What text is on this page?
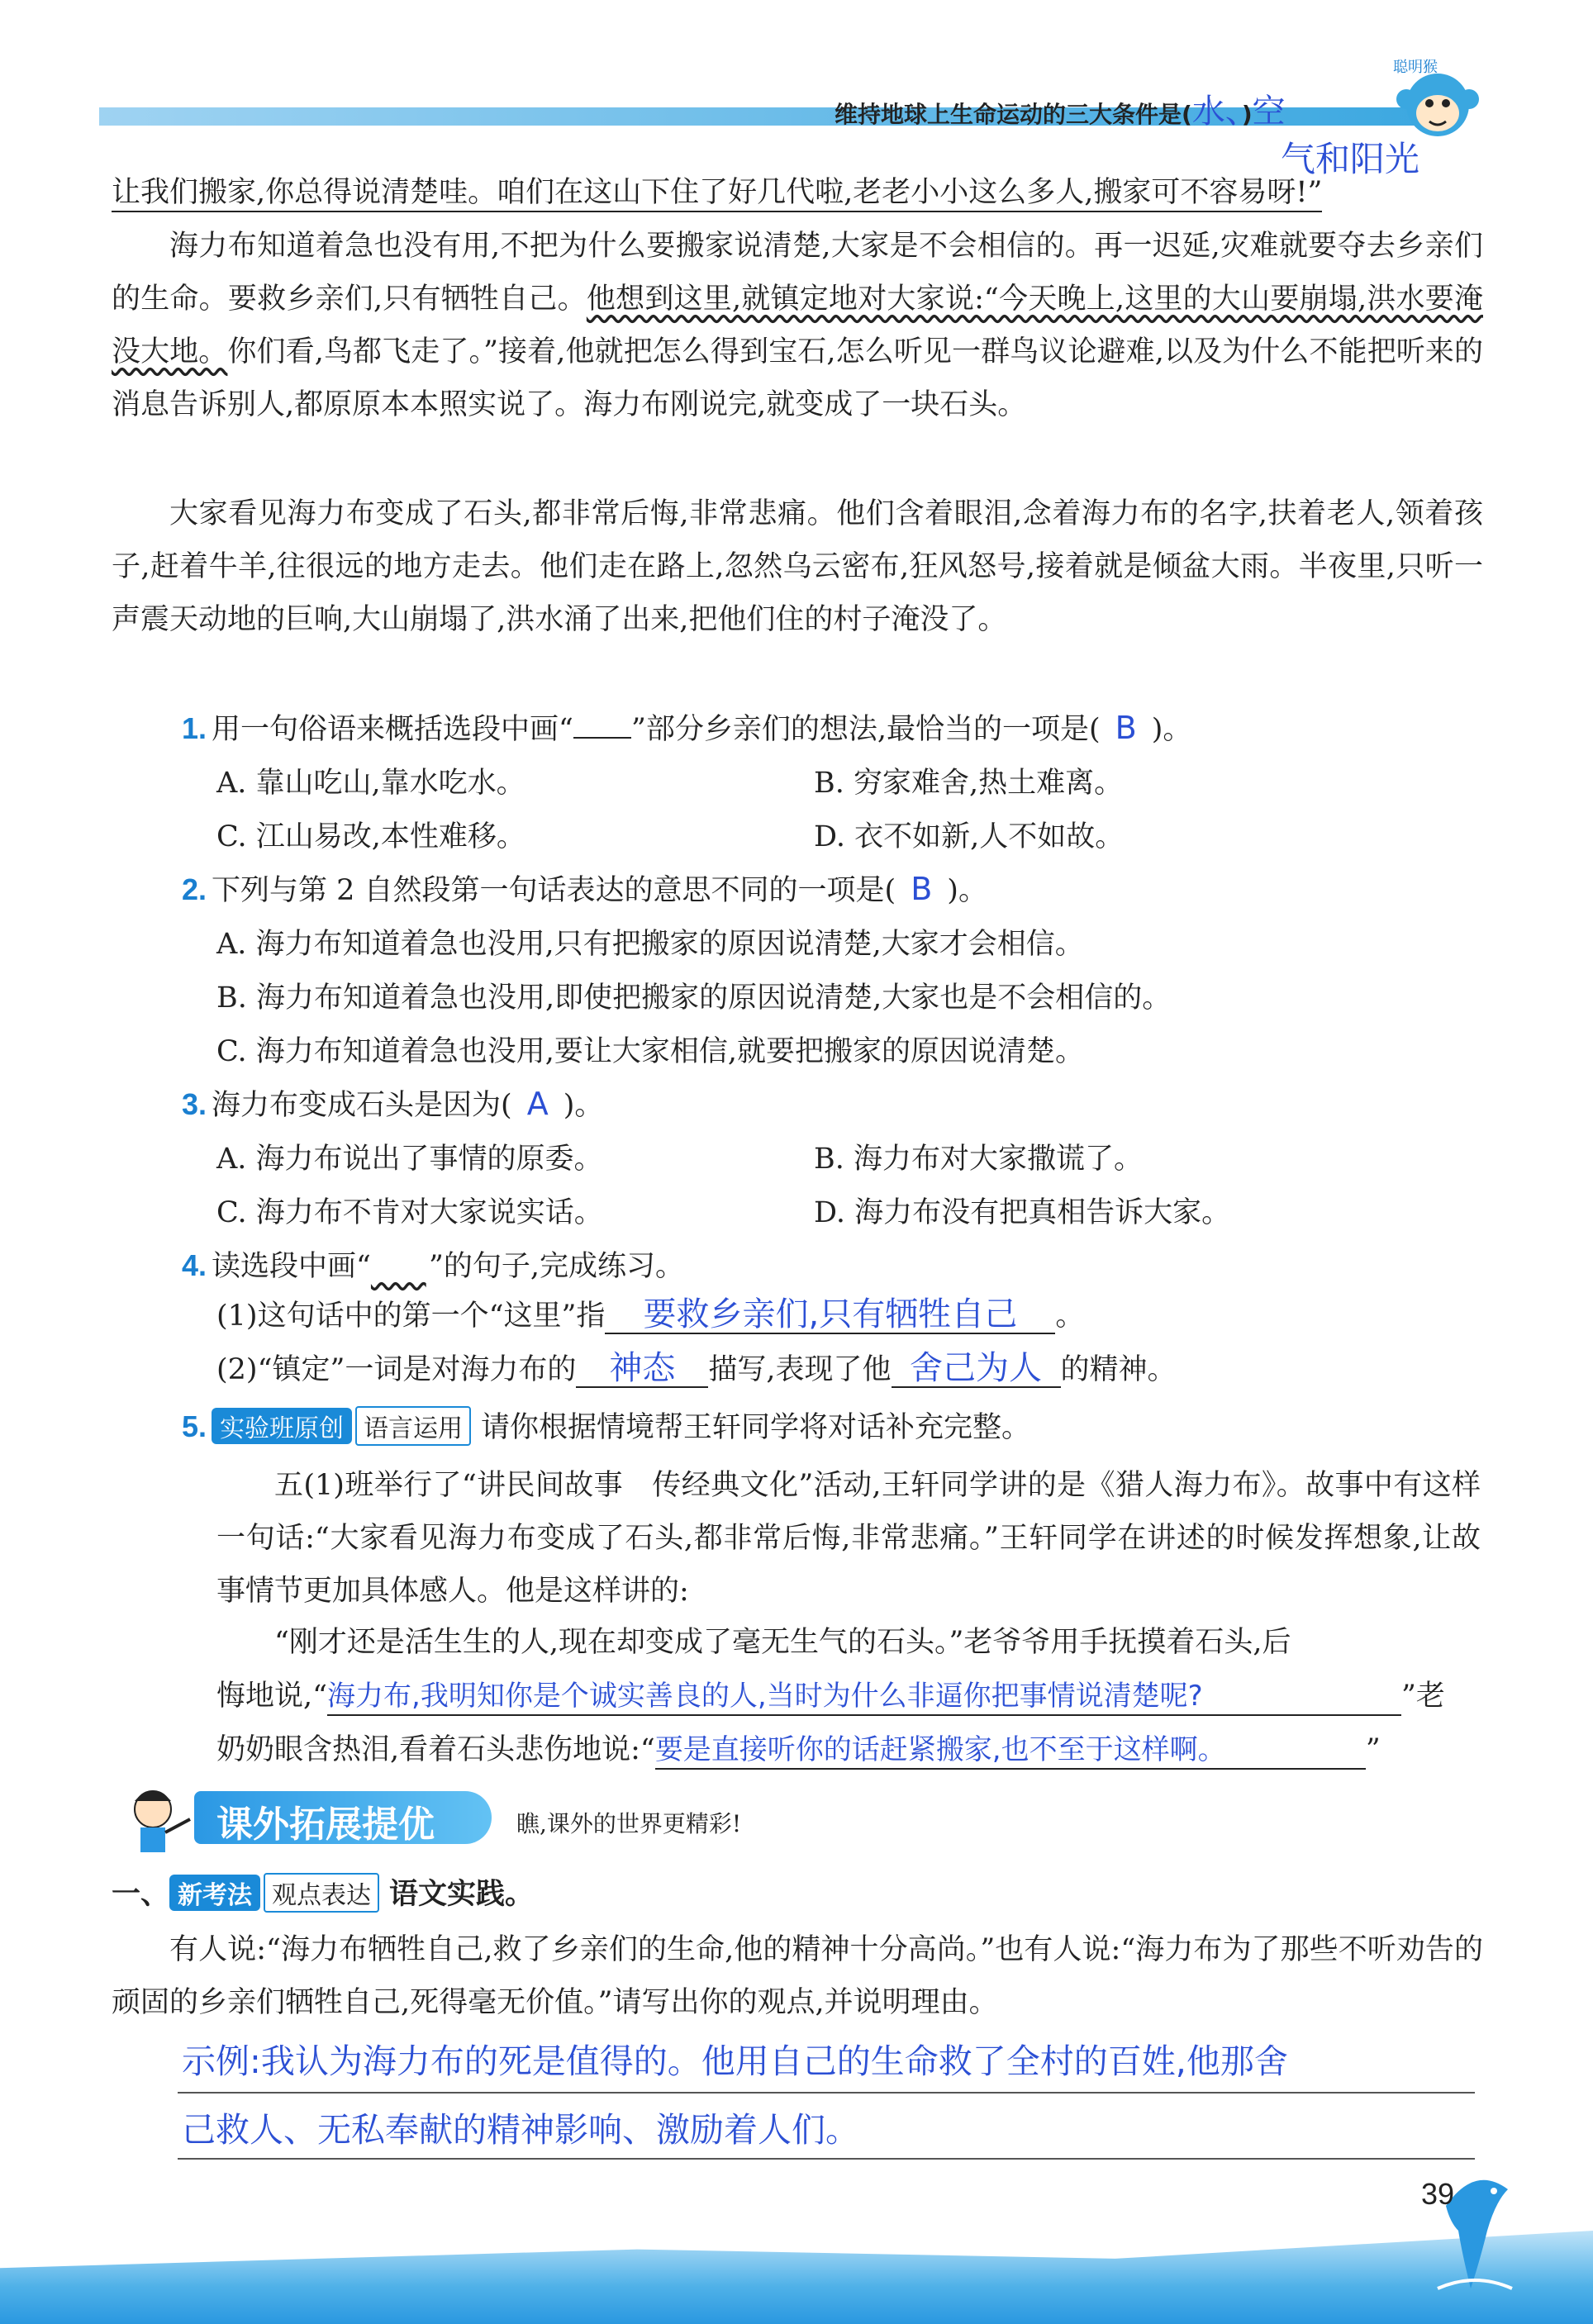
维持地球上生命运动的三大条件是(水、)空
气和阳光
聪明猴
让我们搬家,你总得说清楚哇。咱们在这山下住了好几代啦,老老小小这么多人,搬家可不容易呀!”
海力布知道着急也没有用,不把为什么要搬家说清楚,大家是不会相信的。再一迟延,灾难就要夺去乡亲们的生命。要救乡亲们,只有牺牲自己。他想到这里,就镇定地对大家说:“今天晚上,这里的大山要崩塌,洪水要淹没大地。你们看,鸟都飞走了。”接着,他就把怎么得到宝石,怎么听见一群鸟议论避难,以及为什么不能把听来的消息告诉别人,都原原本本照实说了。海力布刚说完,就变成了一块石头。
大家看见海力布变成了石头,都非常后悔,非常悲痛。他们含着眼泪,念着海力布的名字,扶着老人,领着孩子,赶着牛羊,往很远的地方走去。他们走在路上,忽然乌云密布,狂风怒号,接着就是倾盆大雨。半夜里,只听一声震天动地的巨响,大山崩塌了,洪水涌了出来,把他们住的村子淹没了。
1. 用一句俗语来概括选段中画“ ”部分乡亲们的想法,最恰当的一项是( B )。
A. 靠山吃山,靠水吃水。	B. 穷家难舍,热土难离。
C. 江山易改,本性难移。	D. 衣不如新,人不如故。
2. 下列与第 2 自然段第一句话表达的意思不同的一项是( B )。
A. 海力布知道着急也没用,只有把搬家的原因说清楚,大家才会相信。
B. 海力布知道着急也没用,即使把搬家的原因说清楚,大家也是不会相信的。
C. 海力布知道着急也没用,要让大家相信,就要把搬家的原因说清楚。
3. 海力布变成石头是因为( A )。
A. 海力布说出了事情的原委。	B. 海力布对大家撒谎了。
C. 海力布不肯对大家说实话。	D. 海力布没有把真相告诉大家。
4. 读选段中画“ ”的句子,完成练习。
(1)这句话中的第一个“这里”指 要救乡亲们,只有牺牲自己 。
(2)“镇定”一词是对海力布的 神态 描写,表现了他 舍己为人 的精神。
5. 实验班原创 语言运用 请你根据情境帮王轩同学将对话补充完整。
五(1)班举行了“讲民间故事　传经典文化”活动,王轩同学讲的是《猎人海力布》。故事中有这样一句话:“大家看见海力布变成了石头,都非常后悔,非常悲痛。”王轩同学在讲述的时候发挥想象,让故事情节更加具体感人。他是这样讲的:
“刚才还是活生生的人,现在却变成了毫无生气的石头。”老爷爷用手抚摸着石头,后
悔地说,“海力布,我明知你是个诚实善良的人,当时为什么非逼你把事情说清楚呢?	”老
奶奶眼含热泪,看着石头悲伤地说:“要是直接听你的话赶紧搬家,也不至于这样啊。	”
课外拓展提优	瞧,课外的世界更精彩!
一、 新考法 观点表达 语文实践。
有人说:“海力布牺牲自己,救了乡亲们的生命,他的精神十分高尚。”也有人说:“海力布为了那些不听劝告的顽固的乡亲们牺牲自己,死得毫无价值。”请写出你的观点,并说明理由。
示例:我认为海力布的死是值得的。他用自己的生命救了全村的百姓,他那舍
己救人、无私奉献的精神影响、激励着人们。
39
